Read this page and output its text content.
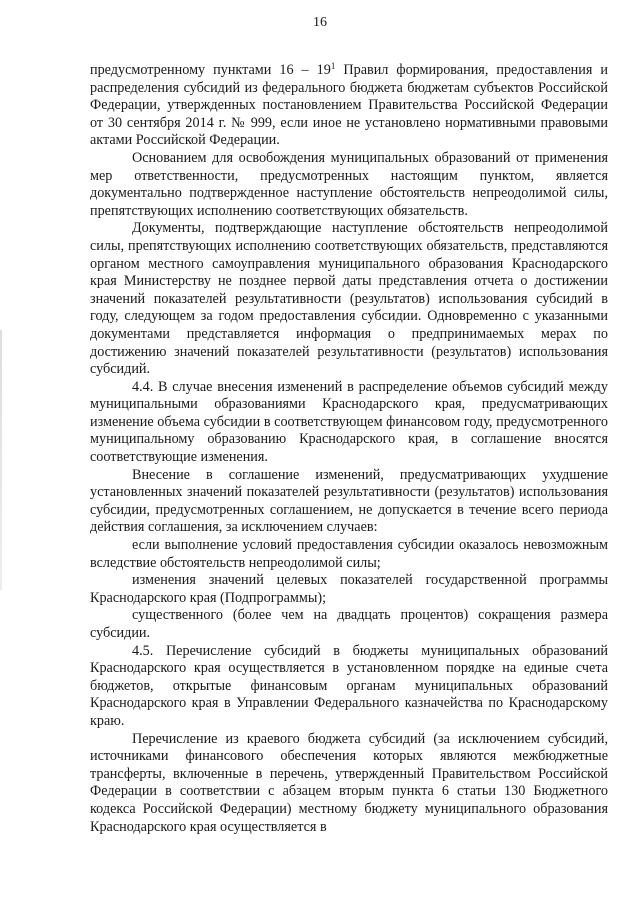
16

предусмотренному пунктами $16 - 19^1$ Правил формирования, предоставления и распределения субсидий из федерального бюджета бюджетам субъектов Российской Федерации, утвержденных постановлением Правительства Российской Федерации от 30 сентября 2014 г. № 999, если иное не установлено нормативными правовыми актами Российской Федерации.

Основанием для освобождения муниципальных образований от применения мер ответственности, предусмотренных настоящим пунктом, является документально подтвержденное наступление обстоятельств непреодолимой силы, препятствующих исполнению соответствующих обязательств.

Документы, подтверждающие наступление обстоятельств непреодолимой силы, препятствующих исполнению соответствующих обязательств, представляются органом местного самоуправления муниципального образования Краснодарского края Министерству не позднее первой даты представления отчета о достижении значений показателей результативности (результатов) использования субсидий в году, следующем за годом предоставления субсидии. Одновременно с указанными документами представляется информация о предпринимаемых мерах по достижению значений показателей результативности (результатов) использования субсидий.

4.4. В случае внесения изменений в распределение объемов субсидий между муниципальными образованиями Краснодарского края, предусматривающих изменение объема субсидии в соответствующем финансовом году, предусмотренного муниципальному образованию Краснодарского края, в соглашение вносятся соответствующие изменения.

Внесение в соглашение изменений, предусматривающих ухудшение установленных значений показателей результативности (результатов) использования субсидии, предусмотренных соглашением, не допускается в течение всего периода действия соглашения, за исключением случаев:

если выполнение условий предоставления субсидии оказалось невозможным вследствие обстоятельств непреодолимой силы;

изменения значений целевых показателей государственной программы Краснодарского края (Подпрограммы);

существенного (более чем на двадцать процентов) сокращения размера субсидии.

4.5. Перечисление субсидий в бюджеты муниципальных образований Краснодарского края осуществляется в установленном порядке на единые счета бюджетов, открытые финансовым органам муниципальных образований Краснодарского края в Управлении Федерального казначейства по Краснодарскому краю.

Перечисление из краевого бюджета субсидий (за исключением субсидий, источниками финансового обеспечения которых являются межбюджетные трансферты, включенные в перечень, утвержденный Правительством Российской Федерации в соответствии с абзацем вторым пункта 6 статьи 130 Бюджетного кодекса Российской Федерации) местному бюджету муниципального образования Краснодарского края осуществляется в
